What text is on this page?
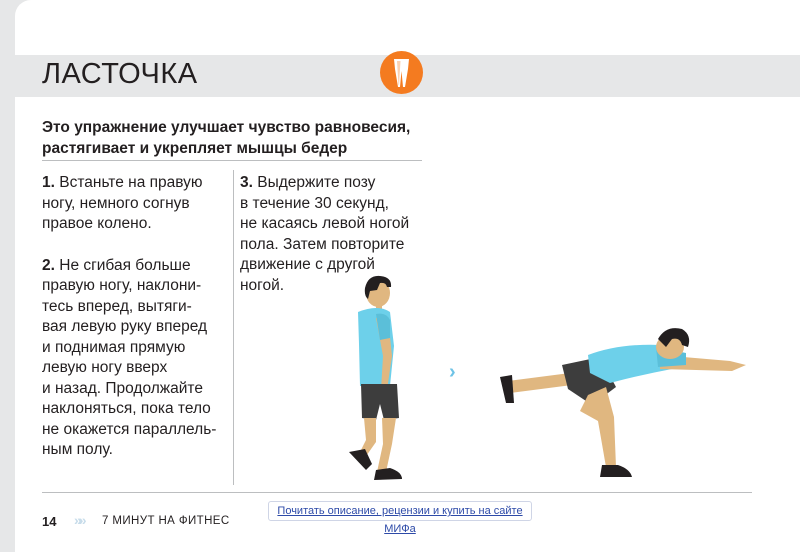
ЛАСТОЧКА
Это упражнение улучшает чувство равновесия,
растягивает и укрепляет мышцы бедер

1. Встаньте на правую
ногу, немного согнув
правое колено.

2. Не сгибая больше
правую ногу, наклони-
тесь вперед, вытяги-
вая левую руку вперед
и поднимая прямую
левую ногу вверх
и назад. Продолжайте
наклоняться, пока тело
не окажется параллель-
ным полу.

3. Выдержите позу
в течение 30 секунд,
не касаясь левой ногой
пола. Затем повторите
движение с другой
ногой.

›
14 »» 7 МИНУТ НА ФИТНЕС
Почитать описание, рецензии и купить на сайте МИФа
